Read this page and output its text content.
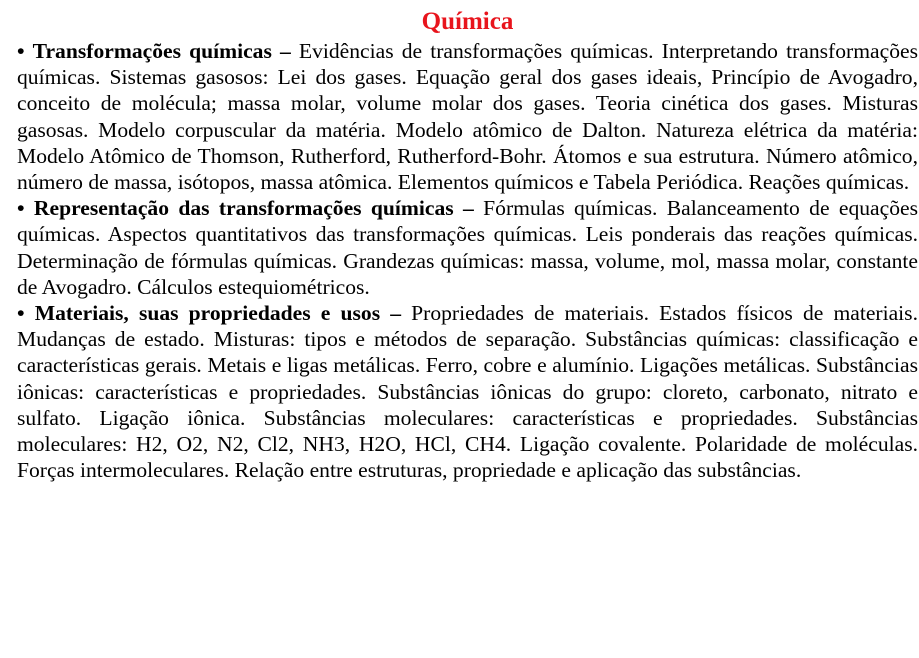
Química

• Transformações químicas – Evidências de transformações químicas. Interpretando transformações químicas. Sistemas gasosos: Lei dos gases. Equação geral dos gases ideais, Princípio de Avogadro, conceito de molécula; massa molar, volume molar dos gases. Teoria cinética dos gases. Misturas gasosas. Modelo corpuscular da matéria. Modelo atômico de Dalton. Natureza elétrica da matéria: Modelo Atômico de Thomson, Rutherford, Rutherford-Bohr. Átomos e sua estrutura. Número atômico, número de massa, isótopos, massa atômica. Elementos químicos e Tabela Periódica. Reações químicas.

• Representação das transformações químicas – Fórmulas químicas. Balanceamento de equações químicas. Aspectos quantitativos das transformações químicas. Leis ponderais das reações químicas. Determinação de fórmulas químicas. Grandezas químicas: massa, volume, mol, massa molar, constante de Avogadro. Cálculos estequiométricos.

• Materiais, suas propriedades e usos – Propriedades de materiais. Estados físicos de materiais. Mudanças de estado. Misturas: tipos e métodos de separação. Substâncias químicas: classificação e características gerais. Metais e ligas metálicas. Ferro, cobre e alumínio. Ligações metálicas. Substâncias iônicas: características e propriedades. Substâncias iônicas do grupo: cloreto, carbonato, nitrato e sulfato. Ligação iônica. Substâncias moleculares: características e propriedades. Substâncias moleculares: H2, O2, N2, Cl2, NH3, H2O, HCl, CH4. Ligação covalente. Polaridade de moléculas. Forças intermoleculares. Relação entre estruturas, propriedade e aplicação das substâncias.
